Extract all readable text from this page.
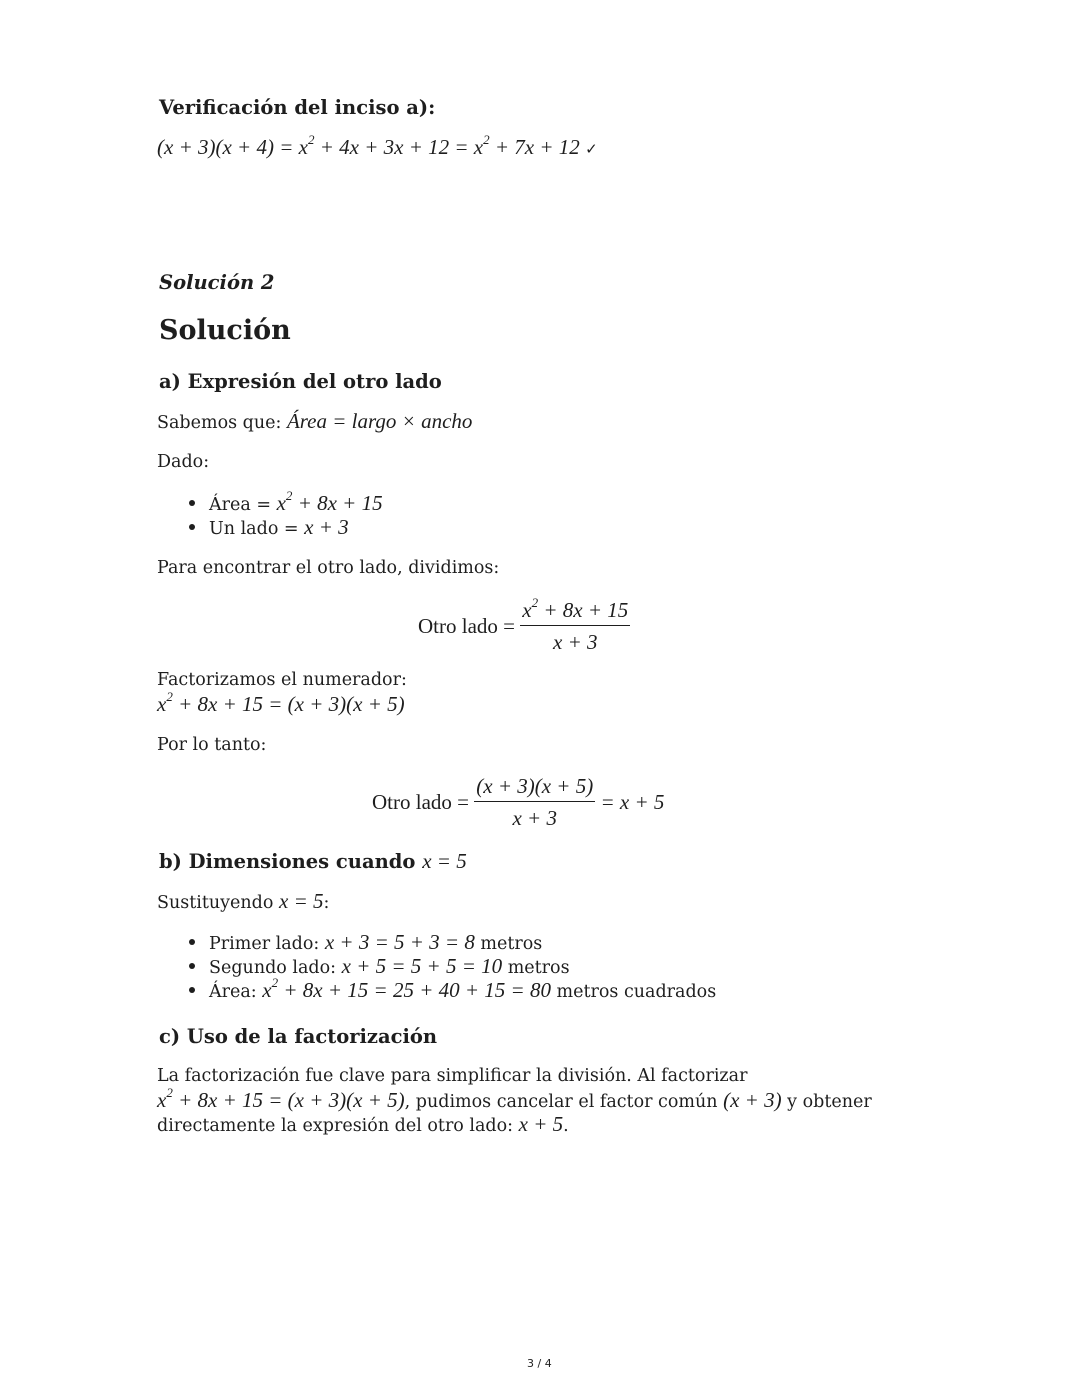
Verificación del inciso a):
$(x + 3)(x + 4) = x^2 + 4x + 3x + 12 = x^2 + 7x + 12$ ✓
Solución 2
Solución
a) Expresión del otro lado
Sabemos que: Área = largo × ancho
Dado:
Área = $x^2 + 8x + 15$
Un lado = x + 3
Para encontrar el otro lado, dividimos:
Otro lado = $\frac{x^2 + 8x + 15}{x + 3}$
Factorizamos el numerador:
$x^2 + 8x + 15 = (x + 3)(x + 5)$
Por lo tanto:
Otro lado = $\frac{(x + 3)(x + 5)}{x + 3} = x + 5$
b) Dimensiones cuando x = 5
Sustituyendo x = 5:
Primer lado: x + 3 = 5 + 3 = 8 metros
Segundo lado: x + 5 = 5 + 5 = 10 metros
Área: $x^2 + 8x + 15 = 25 + 40 + 15 = 80$ metros cuadrados
c) Uso de la factorización
La factorización fue clave para simplificar la división. Al factorizar
$x^2 + 8x + 15 = (x + 3)(x + 5)$, pudimos cancelar el factor común (x + 3) y obtener
directamente la expresión del otro lado: x + 5.
3 / 4
